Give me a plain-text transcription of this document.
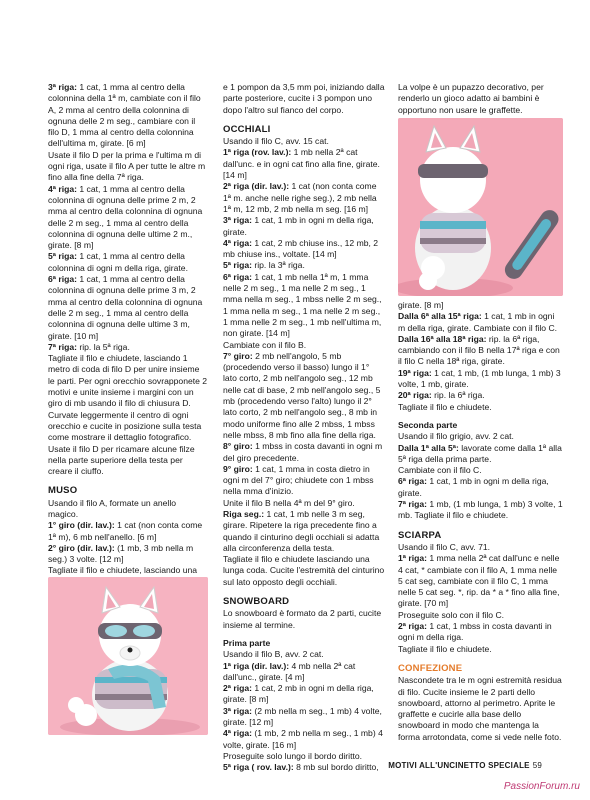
3ª riga: 1 cat, 1 mma al centro della colonnina della 1ª m, cambiate con il filo A, 2 mma al centro della colonnina di ognuna delle 2 m seg., cambiare con il filo D, 1 mma al centro della colonnina dell'ultima m, girate. [6 m]

Usate il filo D per la prima e l'ultima m di ogni riga, usate il filo A per tutte le altre m fino alla fine della 7ª riga.

4ª riga: 1 cat, 1 mma al centro della colonnina di ognuna delle prime 2 m, 2 mma al centro della colonnina di ognuna delle 2 m seg., 1 mma al centro della colonnina di ognuna delle ultime 2 m., girate. [8 m]

5ª riga: 1 cat, 1 mma al centro della colonnina di ogni m della riga, girate.

6ª riga: 1 cat, 1 mma al centro della colonnina di ognuna delle prime 3 m, 2 mma al centro della colonnina di ognuna delle 2 m seg., 1 mma al centro della colonnina di ognuna delle ultime 3 m, girate. [10 m]

7ª riga: rip. la 5ª riga.

Tagliate il filo e chiudete, lasciando 1 metro di coda di filo D per unire insieme le parti. Per ogni orecchio sovrapponete 2 motivi e unite insieme i margini con un giro di mb usando il filo di chiusura D. Curvate leggermente il centro di ogni orecchio e cucite in posizione sulla testa come mostrare il dettaglio fotografico. Usate il filo D per ricamare alcune filze nella parte superiore della testa per creare il ciuffo.

MUSO

Usando il filo A, formate un anello magico.

1° giro (dir. lav.): 1 cat (non conta come 1ª m), 6 mb nell'anello. [6 m]

2° giro (dir. lav.): (1 mb, 3 mb nella m seg.) 3 volte. [12 m]

Tagliate il filo e chiudete, lasciando una

e 1 pompon da 3,5 mm poi, iniziando dalla parte posteriore, cucite i 3 pompon uno dopo l'altro sul fianco del corpo.

OCCHIALI

Usando il filo C, avv. 15 cat.

1ª riga (rov. lav.): 1 mb nella 2ª cat dall'unc. e in ogni cat fino alla fine, girate. [14 m]

2ª riga (dir. lav.): 1 cat (non conta come 1ª m. anche nelle righe seg.), 2 mb nella 1ª m, 12 mb, 2 mb nella m seg. [16 m]

3ª riga: 1 cat, 1 mb in ogni m della riga, girate.

4ª riga: 1 cat, 2 mb chiuse ins., 12 mb, 2 mb chiuse ins., voltate. [14 m]

5ª riga: rip. la 3ª riga.

6ª riga: 1 cat, 1 mb nella 1ª m, 1 mma nelle 2 m seg., 1 ma nelle 2 m seg., 1 mma nella m seg., 1 mbss nelle 2 m seg., 1 mma nella m seg., 1 ma nelle 2 m seg., 1 mma nelle 2 m seg., 1 mb nell'ultima m, non girate. [14 m]

Cambiate con il filo B.

7° giro: 2 mb nell'angolo, 5 mb (procedendo verso il basso) lungo il 1° lato corto, 2 mb nell'angolo seg., 12 mb nelle cat di base, 2 mb nell'angolo seg., 5 mb (procedendo verso l'alto) lungo il 2° lato corto, 2 mb nell'angolo seg., 8 mb in modo uniforme fino alle 2 mbss, 1 mbss nelle mbss, 8 mb fino alla fine della riga.

8° giro: 1 mbss in costa davanti in ogni m del giro precedente.

9° giro: 1 cat, 1 mma in costa dietro in ogni m del 7° giro; chiudete con 1 mbss nella mma d'inizio.

Unite il filo B nella 4ª m del 9° giro.

Riga seg.: 1 cat, 1 mb nelle 3 m seg, girare. Ripetere la riga precedente fino a quando il cinturino degli occhiali si adatta alla circonferenza della testa.

Tagliate il filo e chiudete lasciando una lunga coda. Cucite l'estremità del cinturino sul lato opposto degli occhiali.

SNOWBOARD

Lo snowboard è formato da 2 parti, cucite insieme al termine.

Prima parte

Usando il filo B, avv. 2 cat.

1ª riga (dir. lav.): 4 mb nella 2ª cat dall'unc., girate. [4 m]

2ª riga: 1 cat, 2 mb in ogni m della riga, girate. [8 m]

3ª riga: (2 mb nella m seg., 1 mb) 4 volte, girate. [12 m]

4ª riga: (1 mb, 2 mb nella m seg., 1 mb) 4 volte, girate. [16 m]

Proseguite solo lungo il bordo diritto.

5ª riga ( rov. lav.): 8 mb sul bordo diritto,

La volpe è un pupazzo decorativo, per renderlo un gioco adatto ai bambini è opportuno non usare le graffette.

girate. [8 m]

Dalla 6ª alla 15ª riga: 1 cat, 1 mb in ogni m della riga, girate. Cambiate con il filo C.

Dalla 16ª alla 18ª riga: rip. la 6ª riga, cambiando con il filo B nella 17ª riga e con il filo C nella 18ª riga, girate.

19ª riga: 1 cat, 1 mb, (1 mb lunga, 1 mb) 3 volte, 1 mb, girate.

20ª riga: rip. la 6ª riga.

Tagliate il filo e chiudete.

Seconda parte

Usando il filo grigio, avv. 2 cat.

Dalla 1ª alla 5ª: lavorate come dalla 1ª alla 5ª riga della prima parte.

Cambiate con il filo C.

6ª riga: 1 cat, 1 mb in ogni m della riga, girate.

7ª riga: 1 mb, (1 mb lunga, 1 mb) 3 volte, 1 mb. Tagliate il filo e chiudete.

SCIARPA

Usando il filo C, avv. 71.

1ª riga: 1 mma nella 2ª cat dall'unc e nelle 4 cat, * cambiate con il filo A, 1 mma nelle 5 cat seg, cambiate con il filo C, 1 mma nelle 5 cat seg. *, rip. da * a * fino alla fine, girate. [70 m]

Proseguite solo con il filo C.

2ª riga: 1 cat, 1 mbss in costa davanti in ogni m della riga.

Tagliate il filo e chiudete.

CONFEZIONE

Nascondete tra le m ogni estremità residua di filo. Cucite insieme le 2 parti dello snowboard, attorno al perimetro. Aprite le graffette e cucirle alla base dello snowboard in modo che mantenga la forma arrotondata, come si vede nelle foto.

MOTIVI ALL'UNCINETTO SPECIALE 59
PassionForum.ru
